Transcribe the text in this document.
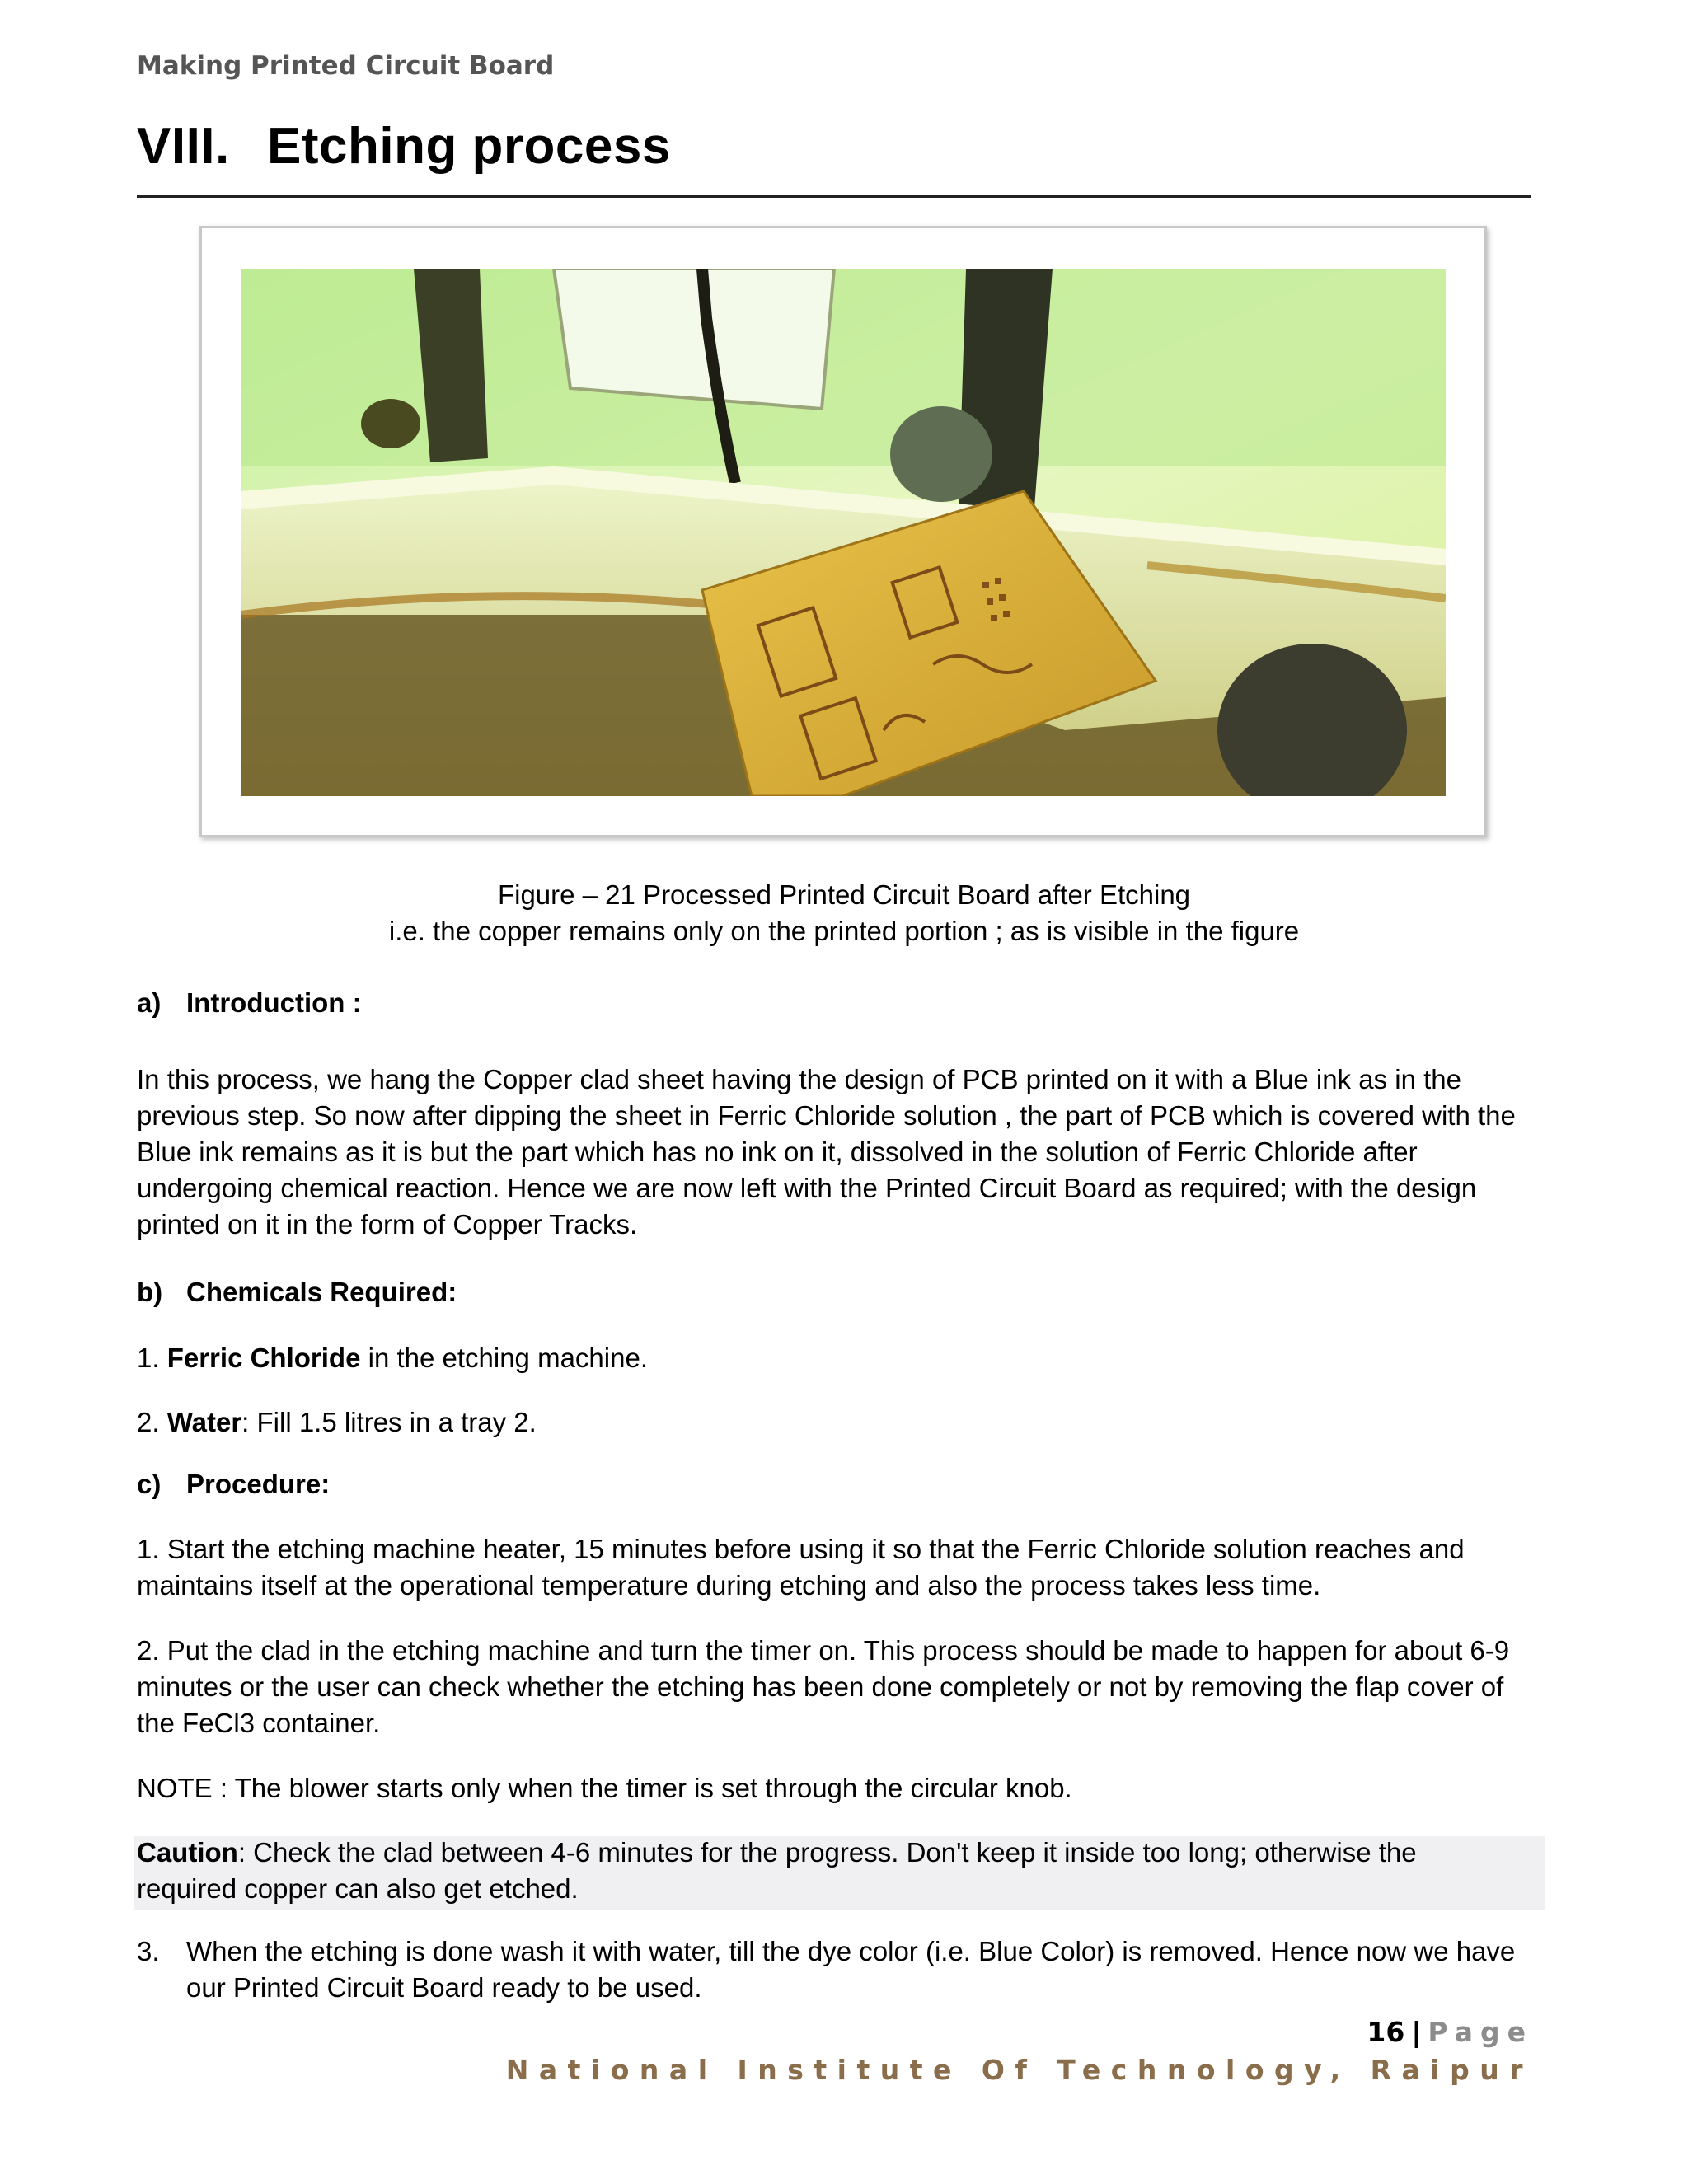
Making Printed Circuit Board
VIII. Etching process
Figure – 21 Processed Printed Circuit Board after Etching
i.e. the copper remains only on the printed portion ; as is visible in the figure
a) Introduction :
In this process, we hang the Copper clad sheet having the design of PCB printed on it with a Blue ink as in the
previous step. So now after dipping the sheet in Ferric Chloride solution , the part of PCB which is covered with the
Blue ink remains as it is but the part which has no ink on it, dissolved in the solution of Ferric Chloride after
undergoing chemical reaction. Hence we are now left with the Printed Circuit Board as required; with the design
printed on it in the form of Copper Tracks.
b) Chemicals Required:
1. Ferric Chloride in the etching machine.
2. Water: Fill 1.5 litres in a tray 2.
c) Procedure:
1. Start the etching machine heater, 15 minutes before using it so that the Ferric Chloride solution reaches and
maintains itself at the operational temperature during etching and also the process takes less time.
2. Put the clad in the etching machine and turn the timer on. This process should be made to happen for about 6-9
minutes or the user can check whether the etching has been done completely or not by removing the flap cover of
the FeCl3 container.
NOTE : The blower starts only when the timer is set through the circular knob.
Caution: Check the clad between 4-6 minutes for the progress. Don't keep it inside too long; otherwise the
required copper can also get etched.
3. When the etching is done wash it with water, till the dye color (i.e. Blue Color) is removed. Hence now we have
our Printed Circuit Board ready to be used.
16 | Page
National Institute Of Technology, Raipur
